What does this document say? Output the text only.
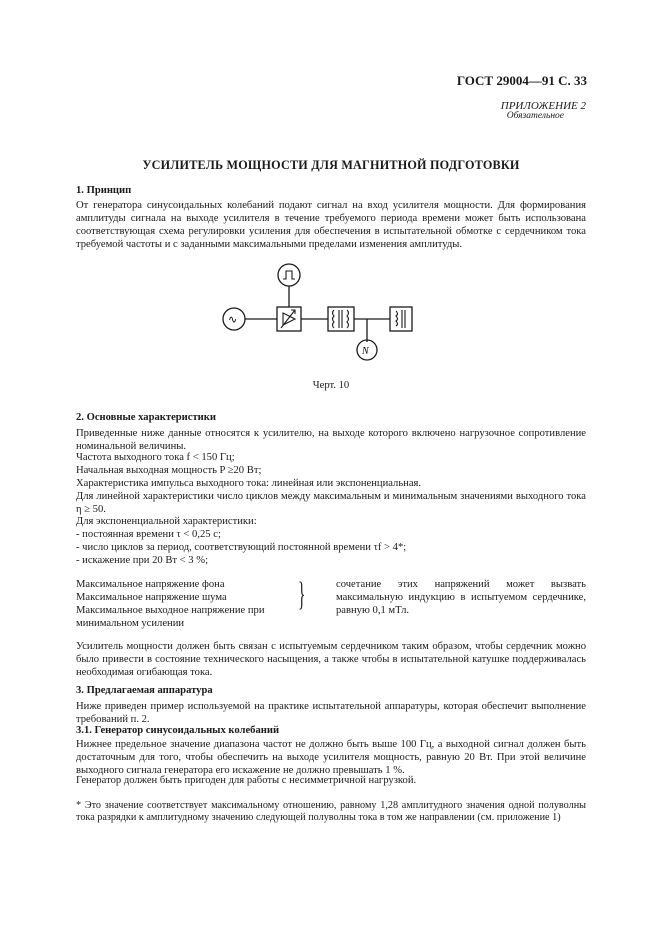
ГОСТ 29004—91 С. 33
ПРИЛОЖЕНИЕ 2
Обязательное
УСИЛИТЕЛЬ МОЩНОСТИ ДЛЯ МАГНИТНОЙ ПОДГОТОВКИ
1. Принцип
От генератора синусоидальных колебаний подают сигнал на вход усилителя мощности. Для формирования амплитуды сигнала на выходе усилителя в течение требуемого периода времени может быть использована соответствующая схема регулировки усиления для обеспечения в испытательной обмотке с сердечником тока требуемой частоты и с заданными максимальными пределами изменения амплитуды.
∿
N
Черт. 10
2. Основные характеристики
Приведенные ниже данные относятся к усилителю, на выходе которого включено нагрузочное сопротивление номинальной величины.
Частота выходного тока f < 150 Гц;
Начальная выходная мощность P ≥20 Вт;
Характеристика импульса выходного тока: линейная или экспоненциальная.
Для линейной характеристики число циклов между максимальным и минимальным значениями выходного тока η ≥ 50.
Для экспоненциальной характеристики:
- постоянная времени τ < 0,25 с;
- число циклов за период, соответствующий постоянной времени τf > 4*;
- искажение при 20 Вт < 3 %;
Максимальное напряжение фона
Максимальное напряжение шума
Максимальное выходное напряжение при минимальном усилении
}	сочетание этих напряжений может вызвать максимальную индукцию в испытуемом сердечнике, равную 0,1 мТл.
Усилитель мощности должен быть связан с испытуемым сердечником таким образом, чтобы сердечник можно было привести в состояние технического насыщения, а также чтобы в испытательной катушке поддерживалась необходимая огибающая тока.
3. Предлагаемая аппаратура
Ниже приведен пример используемой на практике испытательной аппаратуры, которая обеспечит выполнение требований п. 2.
3.1. Генератор синусоидальных колебаний
Нижнее предельное значение диапазона частот не должно быть выше 100 Гц, а выходной сигнал должен быть достаточным для того, чтобы обеспечить на выходе усилителя мощность, равную 20 Вт. При этой величине выходного сигнала генератора его искажение не должно превышать 1 %.
Генератор должен быть пригоден для работы с несимметричной нагрузкой.
* Это значение соответствует максимальному отношению, равному 1,28 амплитудного значения одной полуволны тока разрядки к амплитудному значению следующей полуволны тока в том же направлении (см. приложение 1)
